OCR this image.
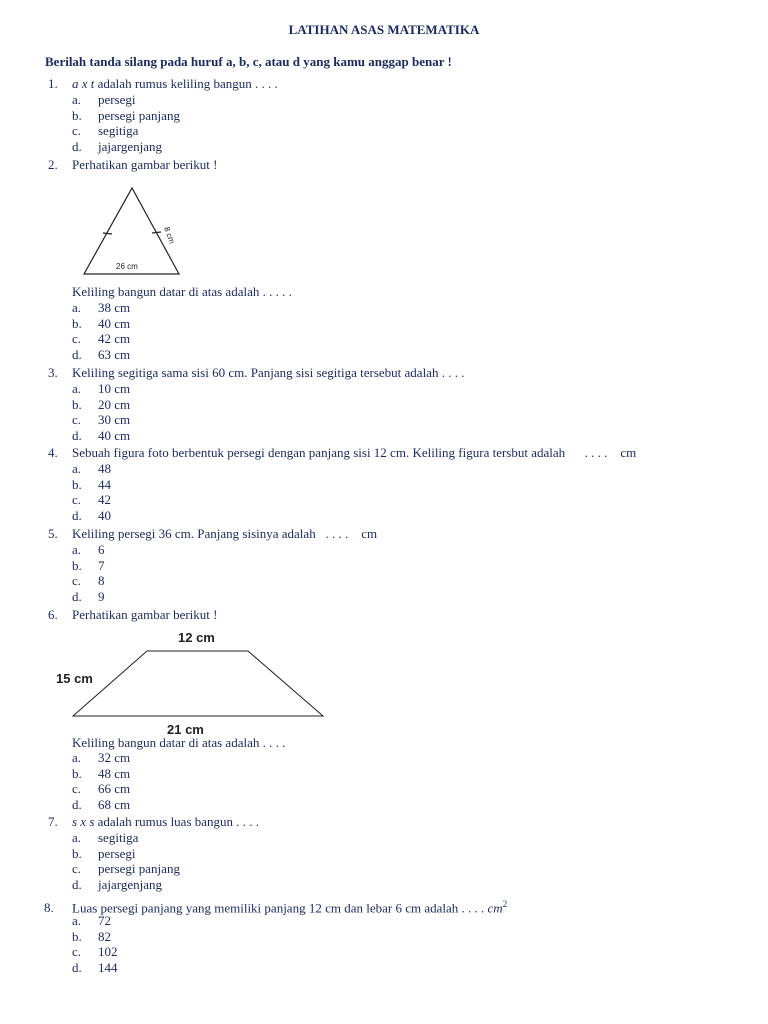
LATIHAN ASAS MATEMATIKA
Berilah tanda silang pada huruf a, b, c, atau d yang kamu anggap benar !
1. a x t adalah rumus keliling bangun . . . .
a. persegi
b. persegi panjang
c. segitiga
d. jajargenjang
2. Perhatikan gambar berikut !
8 cm
26 cm
Keliling bangun datar di atas adalah . . . . .
a. 38 cm
b. 40 cm
c. 42 cm
d. 63 cm
3. Keliling segitiga sama sisi 60 cm. Panjang sisi segitiga tersebut adalah . . . .
a. 10 cm
b. 20 cm
c. 30 cm
d. 40 cm
4. Sebuah figura foto berbentuk persegi dengan panjang sisi 12 cm. Keliling figura tersbut adalah      . . . .    cm
a. 48
b. 44
c. 42
d. 40
5. Keliling persegi 36 cm. Panjang sisinya adalah   . . . .    cm
a. 6
b. 7
c. 8
d. 9
6. Perhatikan gambar berikut !
12 cm
15 cm
21 cm
Keliling bangun datar di atas adalah . . . .
a. 32 cm
b. 48 cm
c. 66 cm
d. 68 cm
7. s x s adalah rumus luas bangun . . . .
a. segitiga
b. persegi
c. persegi panjang
d. jajargenjang
8. Luas persegi panjang yang memiliki panjang 12 cm dan lebar 6 cm adalah . . . . $cm^2$
a. 72
b. 82
c. 102
d. 144
